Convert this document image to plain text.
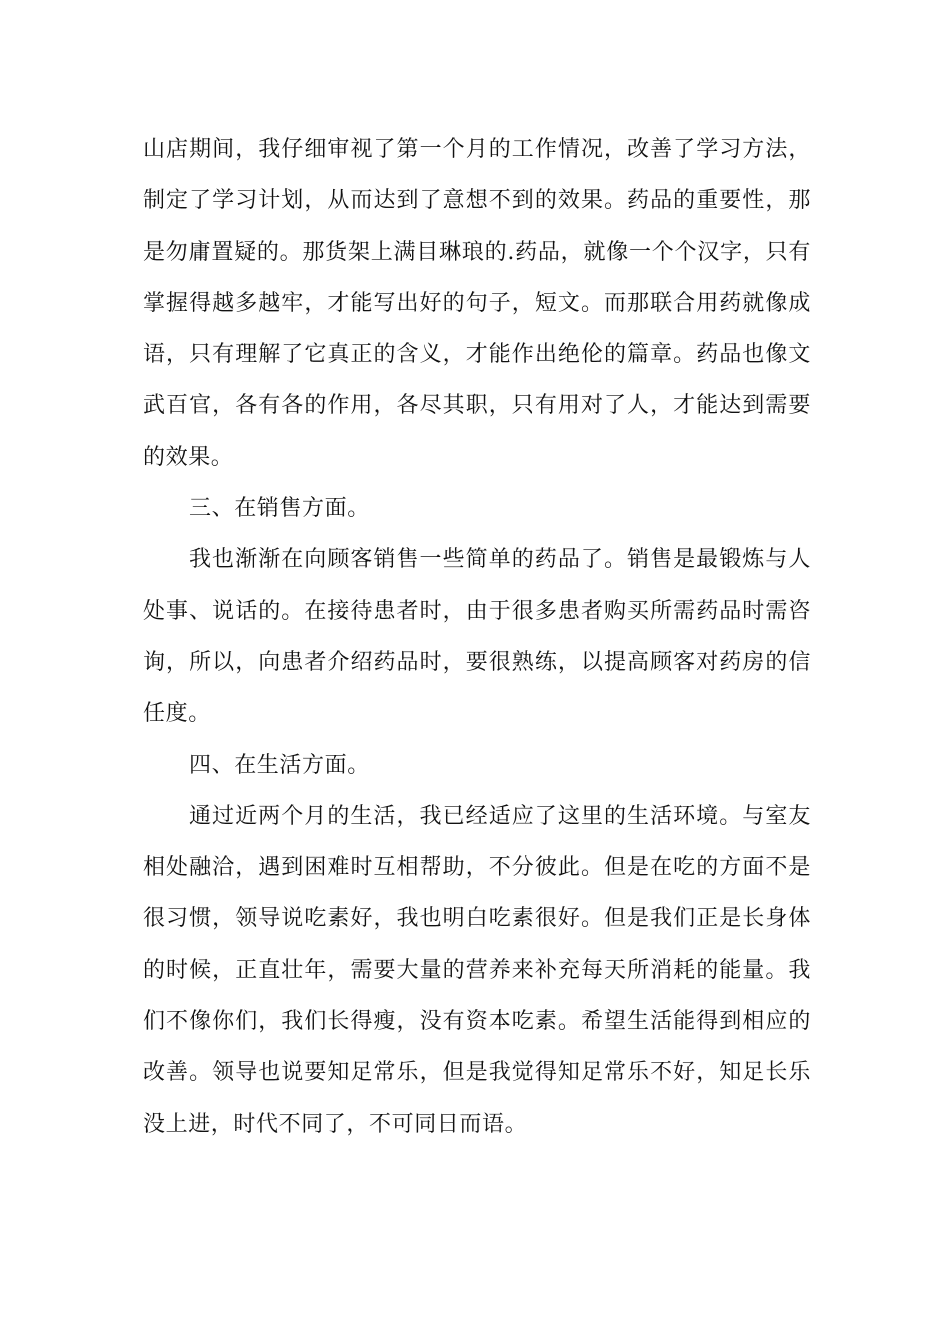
山店期间，我仔细审视了第一个月的工作情况，改善了学习方法，制定了学习计划，从而达到了意想不到的效果。药品的重要性，那是勿庸置疑的。那货架上满目琳琅的.药品，就像一个个汉字，只有掌握得越多越牢，才能写出好的句子，短文。而那联合用药就像成语，只有理解了它真正的含义，才能作出绝伦的篇章。药品也像文武百官，各有各的作用，各尽其职，只有用对了人，才能达到需要的效果。

三、在销售方面。

我也渐渐在向顾客销售一些简单的药品了。销售是最锻炼与人处事、说话的。在接待患者时，由于很多患者购买所需药品时需咨询，所以，向患者介绍药品时，要很熟练，以提高顾客对药房的信任度。

四、在生活方面。

通过近两个月的生活，我已经适应了这里的生活环境。与室友相处融洽，遇到困难时互相帮助，不分彼此。但是在吃的方面不是很习惯，领导说吃素好，我也明白吃素很好。但是我们正是长身体的时候，正直壮年，需要大量的营养来补充每天所消耗的能量。我们不像你们，我们长得瘦，没有资本吃素。希望生活能得到相应的改善。领导也说要知足常乐，但是我觉得知足常乐不好，知足长乐没上进，时代不同了，不可同日而语。
